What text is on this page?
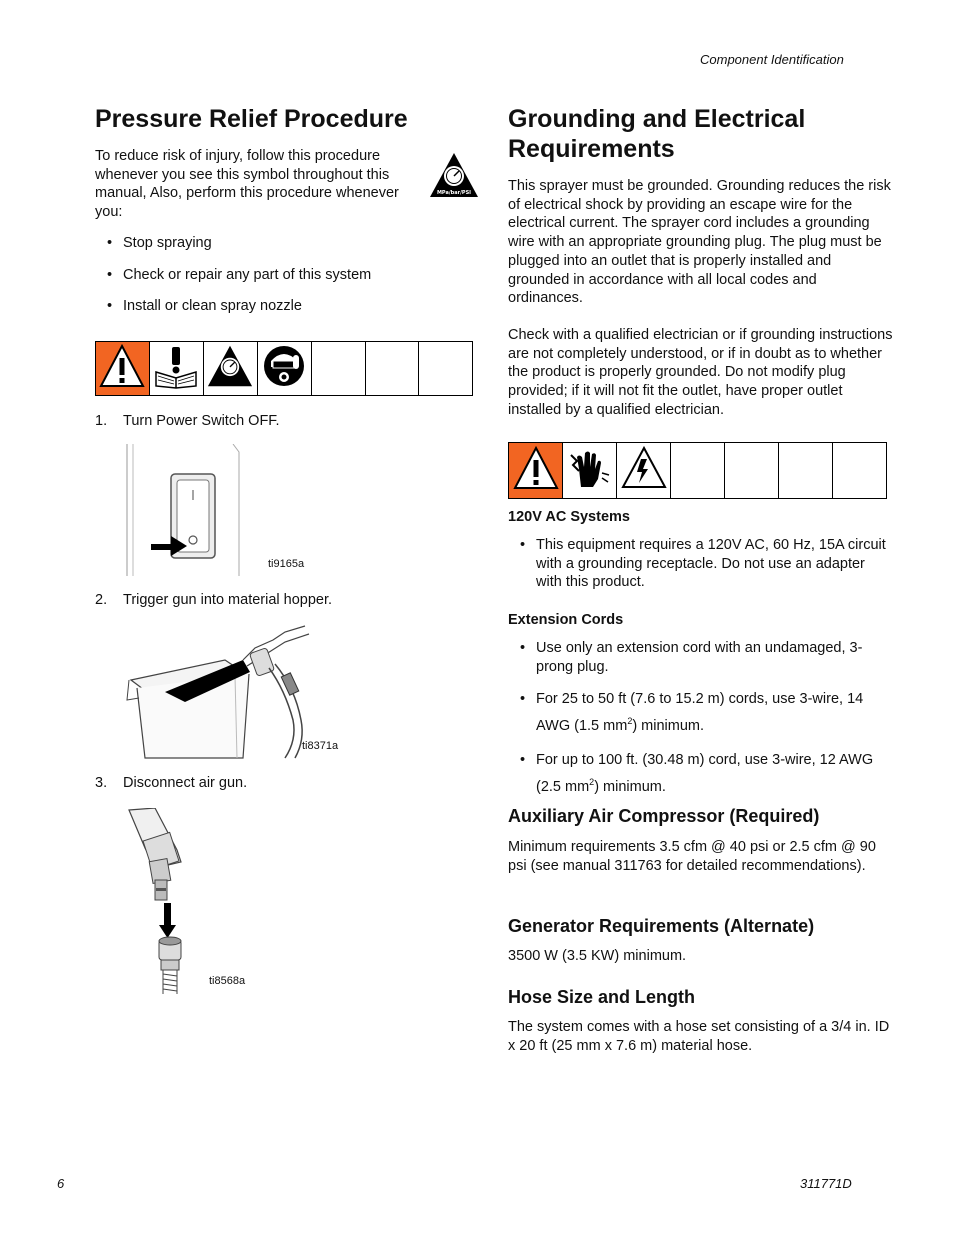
Component Identification
Pressure Relief Procedure

To reduce risk of injury, follow this procedure whenever you see this symbol throughout this manual, Also, perform this procedure whenever you:

MPa/bar/PSI
• Stop spraying
• Check or repair any part of this system
• Install or clean spray nozzle

1. Turn Power Switch OFF.
ti9165a
2. Trigger gun into material hopper.
ti8371a
3. Disconnect air gun.
ti8568a
Grounding and Electrical
Requirements

This sprayer must be grounded. Grounding reduces the risk of electrical shock by providing an escape wire for the electrical current. The sprayer cord includes a grounding wire with an appropriate grounding plug. The plug must be plugged into an outlet that is properly installed and grounded in accordance with all local codes and ordinances.

Check with a qualified electrician or if grounding instructions are not completely understood, or if in doubt as to whether the product is properly grounded. Do not modify plug provided; if it will not fit the outlet, have proper outlet installed by a qualified electrician.

120V AC Systems
• This equipment requires a 120V AC, 60 Hz, 15A circuit with a grounding receptacle. Do not use an adapter with this product.
Extension Cords
• Use only an extension cord with an undamaged, 3-prong plug.
• For 25 to 50 ft (7.6 to 15.2 m) cords, use 3-wire, 14 AWG (1.5 $mm^2$) minimum.
• For up to 100 ft. (30.48 m) cord, use 3-wire, 12 AWG (2.5 $mm^2$) minimum.
Auxiliary Air Compressor (Required)

Minimum requirements 3.5 cfm @ 40 psi or 2.5 cfm @ 90 psi (see manual 311763 for detailed recommendations).

Generator Requirements (Alternate)

3500 W (3.5 KW) minimum.

Hose Size and Length

The system comes with a hose set consisting of a 3/4 in. ID x 20 ft (25 mm x 7.6 m) material hose.

6	311771D
